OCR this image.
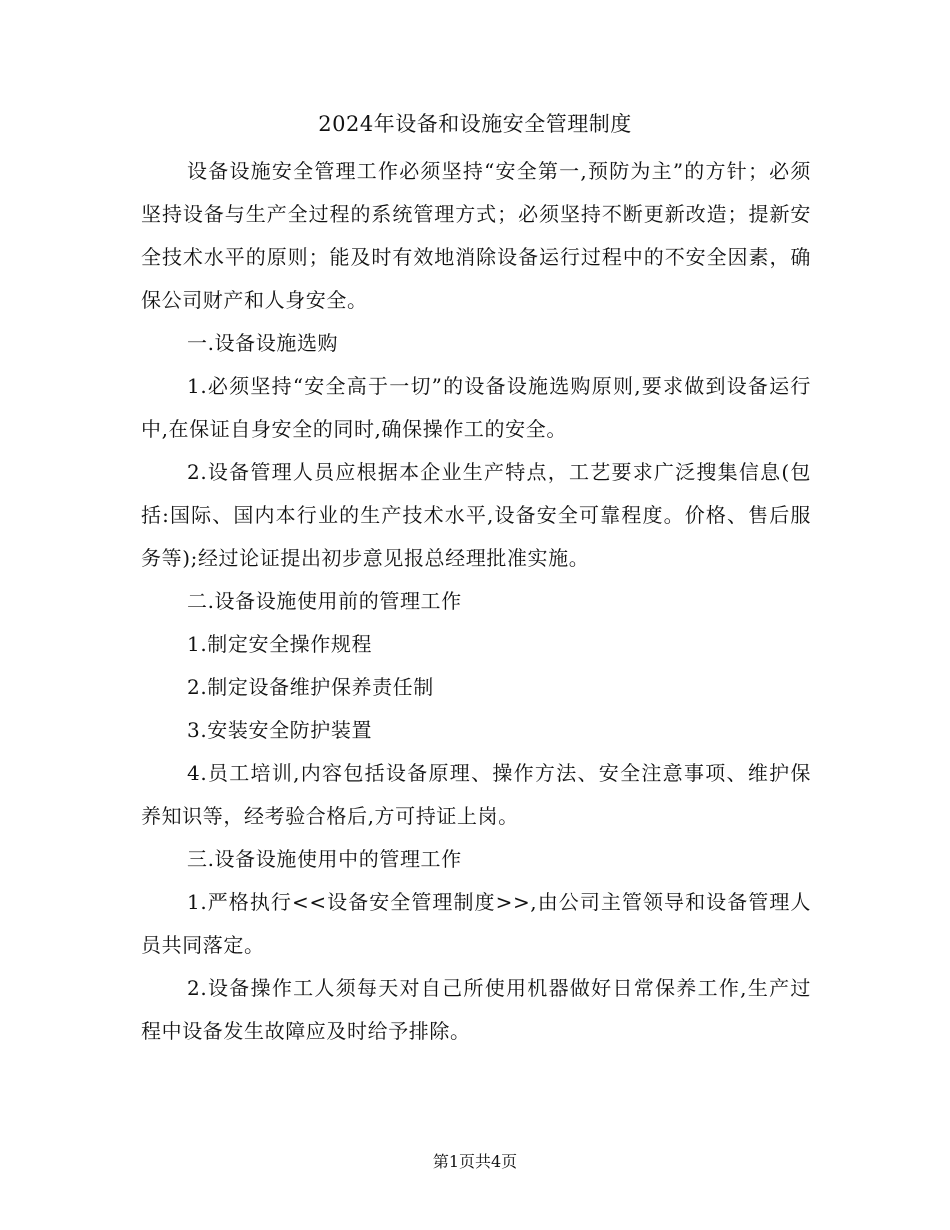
2024年设备和设施安全管理制度

设备设施安全管理工作必须坚持“安全第一,预防为主”的方针；必须坚持设备与生产全过程的系统管理方式；必须坚持不断更新改造；提新安全技术水平的原则；能及时有效地消除设备运行过程中的不安全因素，确保公司财产和人身安全。

一.设备设施选购

1.必须坚持“安全高于一切”的设备设施选购原则,要求做到设备运行中,在保证自身安全的同时,确保操作工的安全。

2.设备管理人员应根据本企业生产特点，工艺要求广泛搜集信息(包括:国际、国内本行业的生产技术水平,设备安全可靠程度。价格、售后服务等);经过论证提出初步意见报总经理批准实施。

二.设备设施使用前的管理工作

1.制定安全操作规程

2.制定设备维护保养责任制

3.安装安全防护装置

4.员工培训,内容包括设备原理、操作方法、安全注意事项、维护保养知识等，经考验合格后,方可持证上岗。

三.设备设施使用中的管理工作

1.严格执行<<设备安全管理制度>>,由公司主管领导和设备管理人员共同落定。

2.设备操作工人须每天对自己所使用机器做好日常保养工作,生产过程中设备发生故障应及时给予排除。

第1页共4页
